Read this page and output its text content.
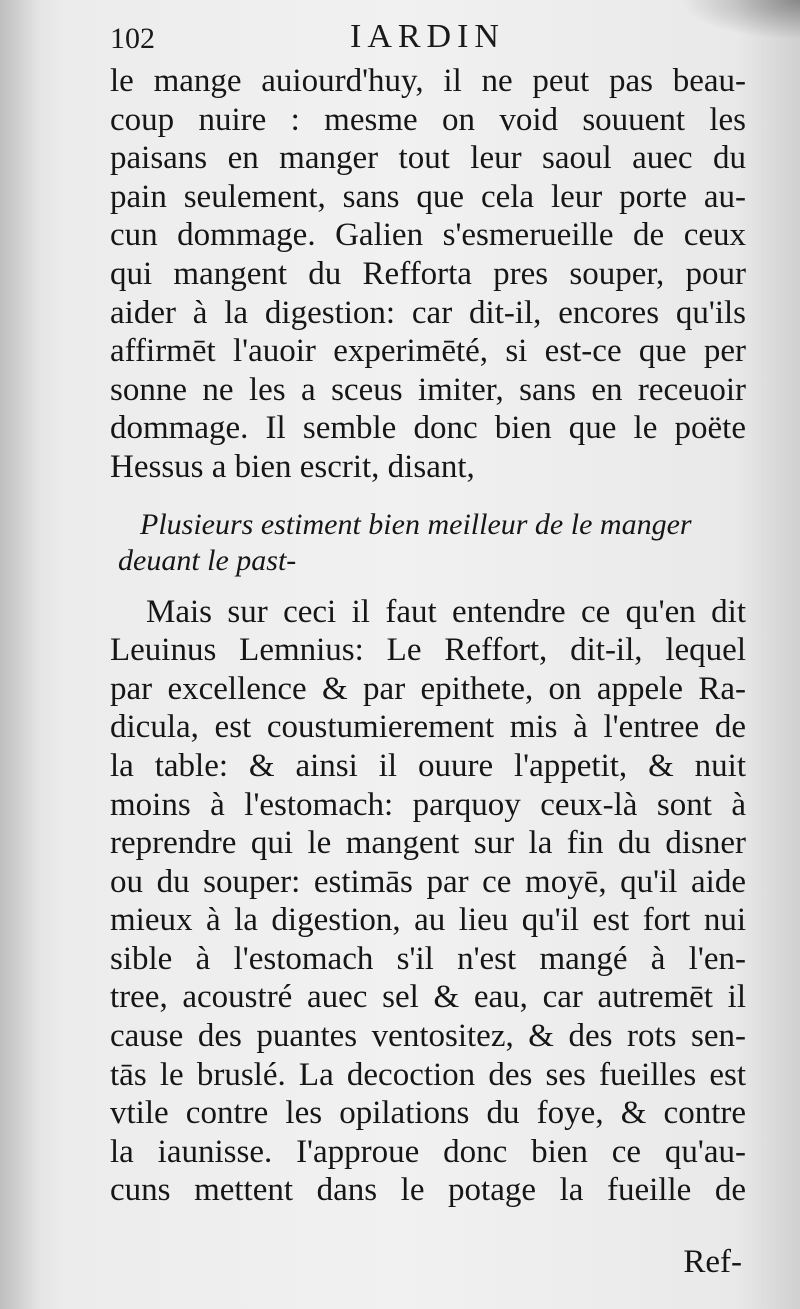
102	IARDIN
le mange auiourd'huy, il ne peut pas beau-
coup nuire : mesme on void souuent les
paisans en manger tout leur saoul auec du
pain seulement, sans que cela leur porte au-
cun dommage. Galien s'esmerueille de ceux
qui mangent du Refforta pres souper, pour
aider à la digestion: car dit-il, encores qu'ils
affirmēt l'auoir experimēté, si est-ce que per
sonne ne les a sceus imiter, sans en receuoir
dommage. Il semble donc bien que le poëte
Hessus a bien escrit, disant,
Plusieurs estiment bien meilleur de le manger
deuant le past-
Mais sur ceci il faut entendre ce qu'en dit
Leuinus Lemnius: Le Reffort, dit-il, lequel
par excellence & par epithete, on appele Ra-
dicula, est coustumierement mis à l'entree de
la table: & ainsi il ouure l'appetit, & nuit
moins à l'estomach: parquoy ceux-là sont à
reprendre qui le mangent sur la fin du disner
ou du souper: estimās par ce moyē, qu'il aide
mieux à la digestion, au lieu qu'il est fort nui
sible à l'estomach s'il n'est mangé à l'en-
tree, acoustré auec sel & eau, car autremēt il
cause des puantes ventositez, & des rots sen-
tās le bruslé. La decoction des ses fueilles est
vtile contre les opilations du foye, & contre
la iaunisse. I'approue donc bien ce qu'au-
cuns mettent dans le potage la fueille de
Ref-
